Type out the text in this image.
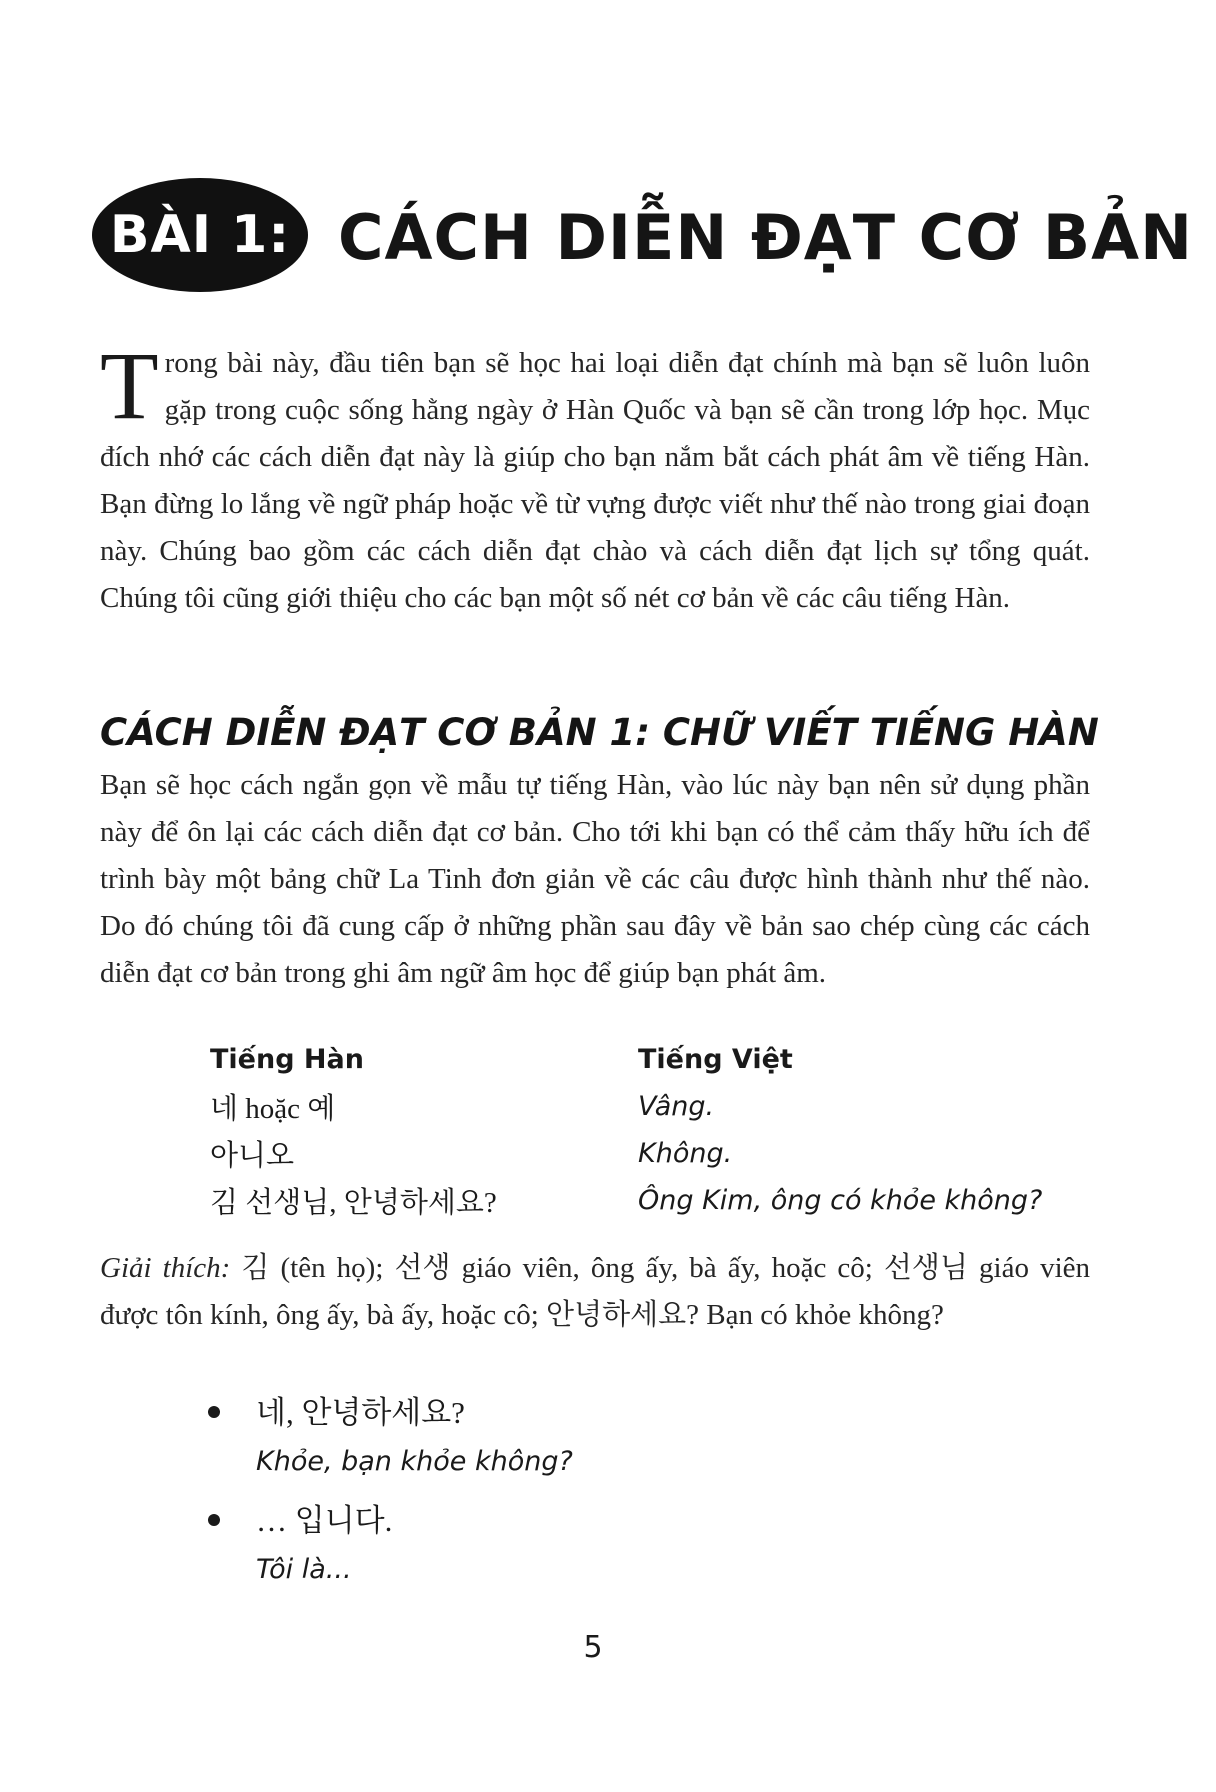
BÀI 1: CÁCH DIỄN ĐẠT CƠ BẢN
Trong bài này, đầu tiên bạn sẽ học hai loại diễn đạt chính mà bạn sẽ luôn luôn gặp trong cuộc sống hằng ngày ở Hàn Quốc và bạn sẽ cần trong lớp học. Mục đích nhớ các cách diễn đạt này là giúp cho bạn nắm bắt cách phát âm về tiếng Hàn. Bạn đừng lo lắng về ngữ pháp hoặc về từ vựng được viết như thế nào trong giai đoạn này. Chúng bao gồm các cách diễn đạt chào và cách diễn đạt lịch sự tổng quát. Chúng tôi cũng giới thiệu cho các bạn một số nét cơ bản về các câu tiếng Hàn.
CÁCH DIỄN ĐẠT CƠ BẢN 1: CHỮ VIẾT TIẾNG HÀN
Bạn sẽ học cách ngắn gọn về mẫu tự tiếng Hàn, vào lúc này bạn nên sử dụng phần này để ôn lại các cách diễn đạt cơ bản. Cho tới khi bạn có thể cảm thấy hữu ích để trình bày một bảng chữ La Tinh đơn giản về các câu được hình thành như thế nào. Do đó chúng tôi đã cung cấp ở những phần sau đây về bản sao chép cùng các cách diễn đạt cơ bản trong ghi âm ngữ âm học để giúp bạn phát âm.
Tiếng Hàn	Tiếng Việt
네 hoặc 예	Vâng.
아니오	Không.
김 선생님, 안녕하세요?	Ông Kim, ông có khỏe không?
Giải thích: 김 (tên họ); 선생 giáo viên, ông ấy, bà ấy, hoặc cô; 선생님 giáo viên được tôn kính, ông ấy, bà ấy, hoặc cô; 안녕하세요? Bạn có khỏe không?
네, 안녕하세요?
Khỏe, bạn khỏe không?
… 입니다.
Tôi là...
5
